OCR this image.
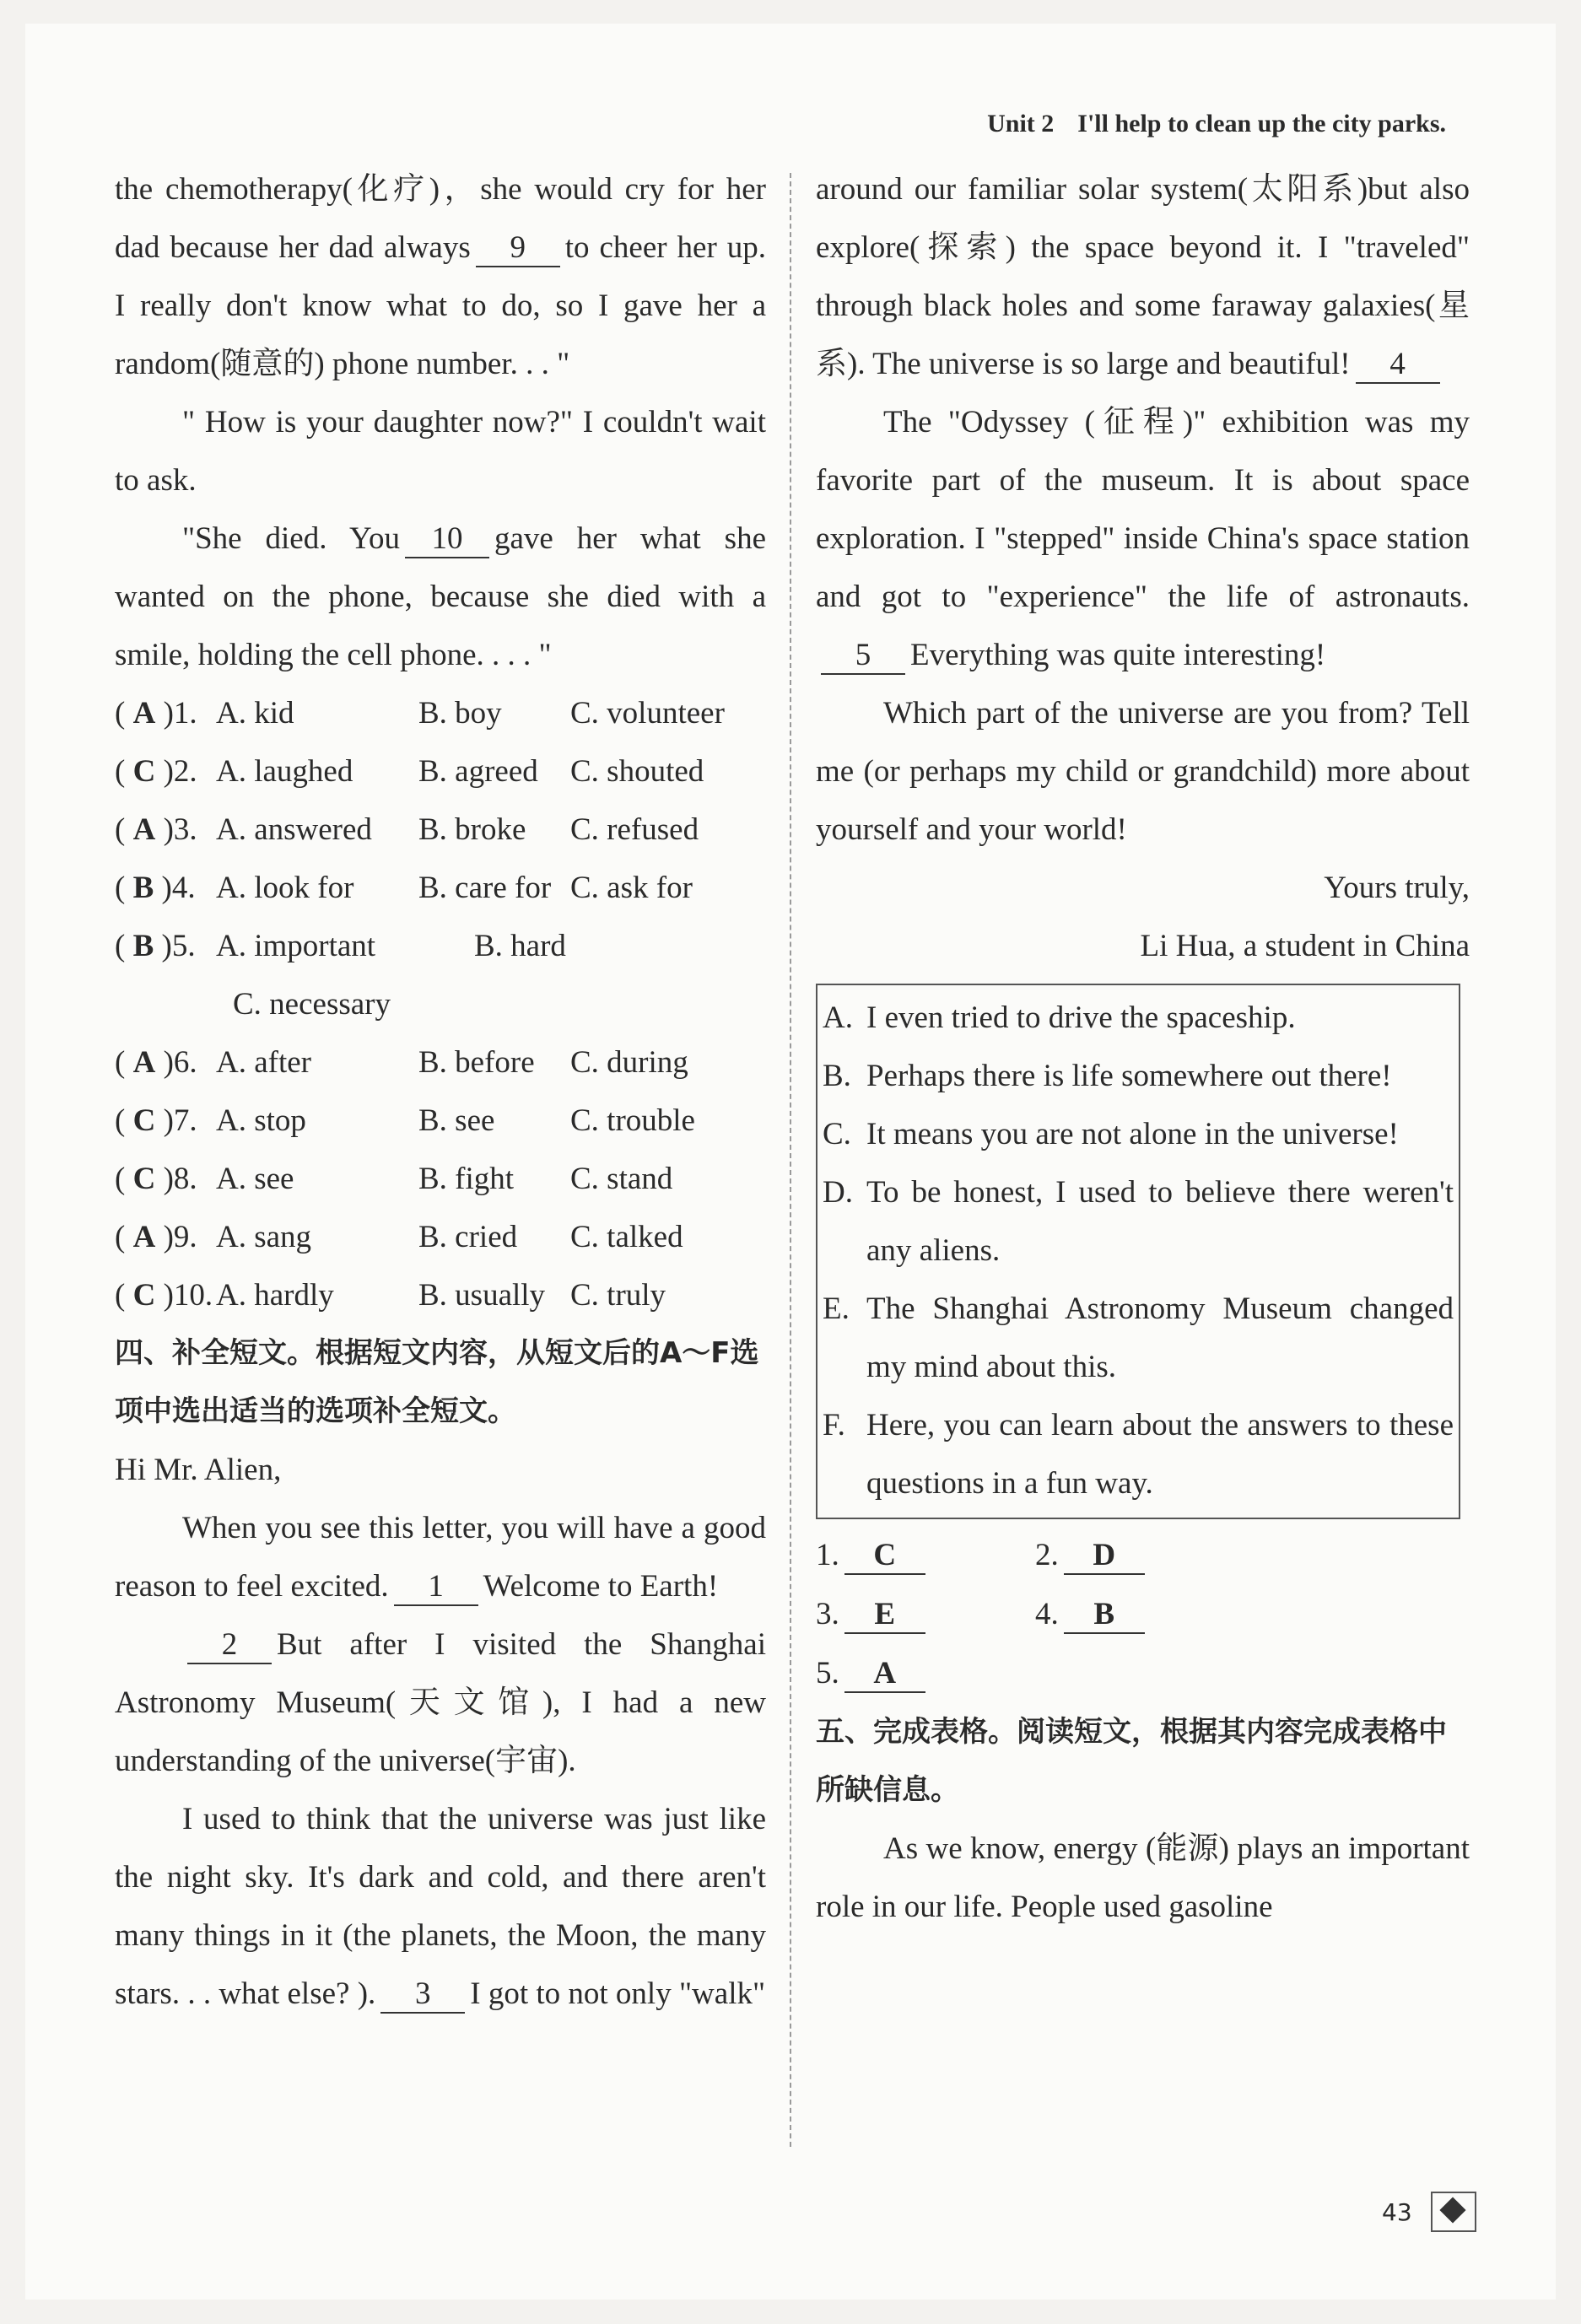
Unit 2 I'll help to clean up the city parks.

the chemotherapy(化疗)，she would cry for her dad because her dad always 9 to cheer her up. I really don't know what to do, so I gave her a random(随意的) phone number. . . "

" How is your daughter now?" I couldn't wait to ask.

"She died. You 10 gave her what she wanted on the phone, because she died with a smile, holding the cell phone. . . . "

( A )1. A. kid	B. boy	C. volunteer
( C )2. A. laughed	B. agreed	C. shouted
( A )3. A. answered	B. broke	C. refused
( B )4. A. look for	B. care for C. ask for
( B )5. A. important	B. hard
C. necessary
( A )6. A. after	B. before	C. during
( C )7. A. stop	B. see	C. trouble
( C )8. A. see	B. fight	C. stand
( A )9. A. sang	B. cried	C. talked
( C )10. A. hardly	B. usually C. truly

四、补全短文。根据短文内容，从短文后的A～F选项中选出适当的选项补全短文。

Hi Mr. Alien,

When you see this letter, you will have a good reason to feel excited. 1 Welcome to Earth!

2 But after I visited the Shanghai Astronomy Museum(天文馆), I had a new understanding of the universe(宇宙).

I used to think that the universe was just like the night sky. It's dark and cold, and there aren't many things in it (the planets, the Moon, the many stars. . . what else? ). 3 I got to not only "walk"

around our familiar solar system(太阳系)but also explore(探索) the space beyond it. I "traveled" through black holes and some faraway galaxies(星系). The universe is so large and beautiful! 4

The "Odyssey (征程)" exhibition was my favorite part of the museum. It is about space exploration. I "stepped" inside China's space station and got to "experience" the life of astronauts.5 Everything was quite interesting!

Which part of the universe are you from? Tell me (or perhaps my child or grandchild) more about yourself and your world!

Yours truly,

Li Hua, a student in China

A. I even tried to drive the spaceship.
B. Perhaps there is life somewhere out there!
C. It means you are not alone in the universe!
D. To be honest, I used to believe there weren't any aliens.
E. The Shanghai Astronomy Museum changed my mind about this.
F. Here, you can learn about the answers to these questions in a fun way.
1. C	2. D
3. E	4. B
5. A

五、完成表格。阅读短文，根据其内容完成表格中所缺信息。

As we know, energy (能源) plays an important role in our life. People used gasoline

43
